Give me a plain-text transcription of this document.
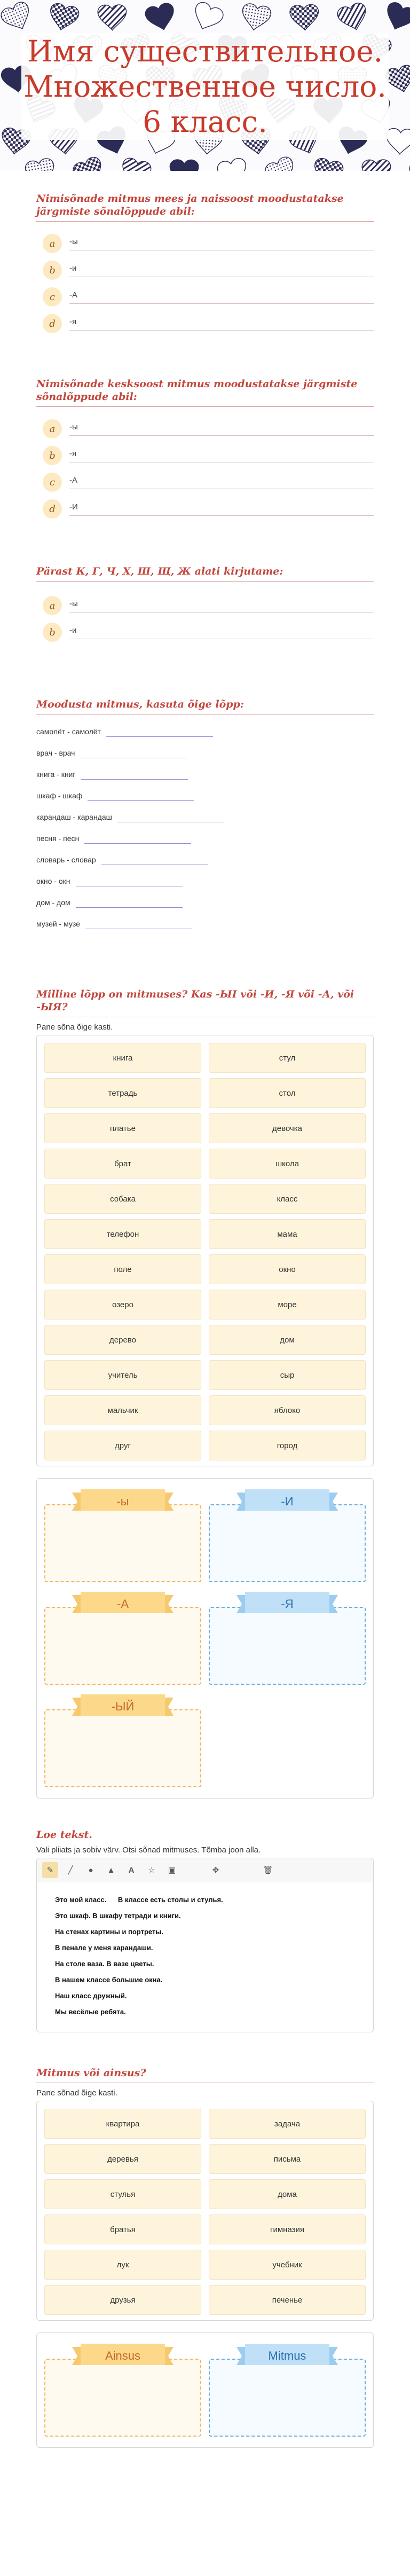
Имя существительное. Множественное число. 6 класс.
Nimisõnade mitmus mees ja naissoost moodustatakse järgmiste sõnalõppude abil:
a	-ы
b	-и
c	-А
d	-я
Nimisõnade kesksoost mitmus moodustatakse järgmiste sõnalõppude abil:
a	-ы
b	-я
c	-А
d	-И
Pärast К, Г, Ч, Х, Ш, Щ, Ж alati kirjutame:
a	-ы
b	-и
Moodusta mitmus, kasuta õige lõpp:
самолёт - самолёт
врач - врач
книга - книг
шкаф - шкаф
карандаш - карандаш
песня - песн
словарь - словар
окно - окн
дом - дом
музей - музе
Milline lõpp on mitmuses? Kas -ЫI või -И, -Я või -А, või -ЫЯ?
Pane sõna õige kasti.
книга	стул
тетрадь	стол
платье	девочка
брат	школа
собака	класс
телефон	мама
поле	окно
озеро	море
дерево	дом
учитель	сыр
мальчик	яблоко
друг	город
-ы	-И
-А	-Я
-ЫЙ
Loe tekst.
Vali pliiats ja sobiv värv. Otsi sõnad mitmuses. Tõmba joon alla.
✎	╱	●	▲	A	☆	▣	✥	🗑
Это мой класс.      В классе есть столы и стулья.
Это шкаф. В шкафу тетради и книги.
На стенах картины и портреты.
В пенале у меня карандаши.
На столе ваза. В вазе цветы.
В нашем классе большие окна.
Наш класс дружный.
Мы весёлые ребята.
Mitmus või ainsus?
Pane sõnad õige kasti.
квартира	задача
деревья	письма
стулья	дома
братья	гимназия
лук	учебник
друзья	печенье
Ainsus	Mitmus
